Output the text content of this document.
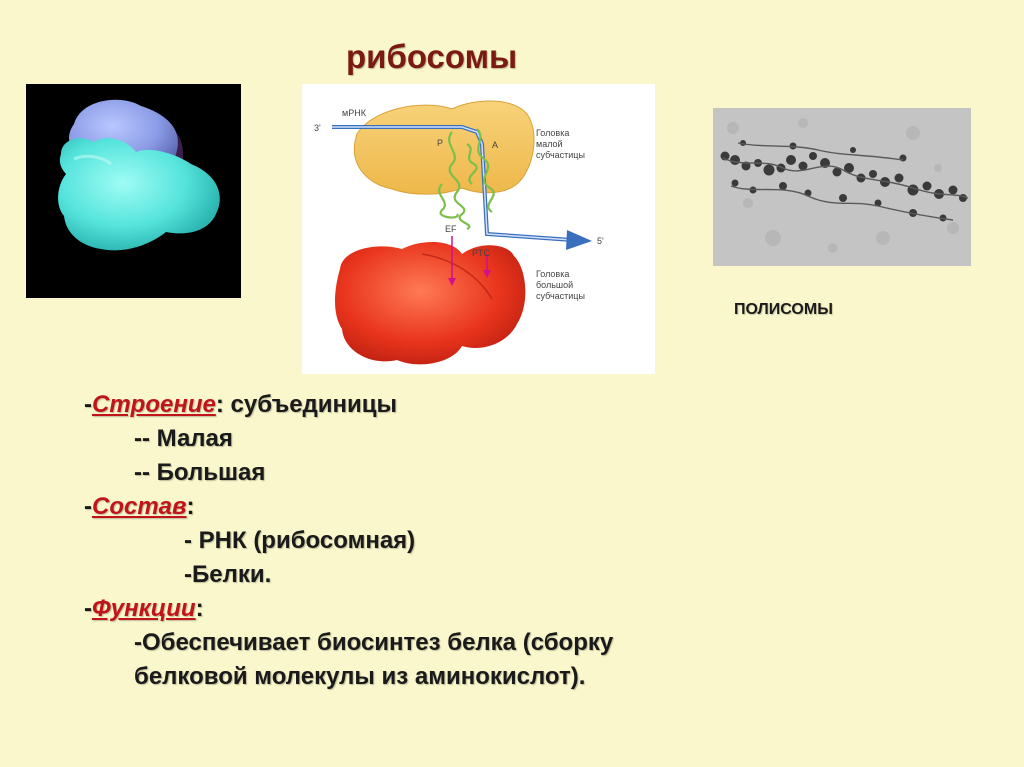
рибосомы
мРНК
3'
5'
P	A
EF
PTC
Головка
малой
субчастицы
Головка
большой
субчастицы
ПОЛИСОМЫ
-Строение: субъединицы
-- Малая
-- Большая
-Состав:
- РНК (рибосомная)
-Белки.
-Функции:
-Обеспечивает биосинтез белка (сборку
белковой молекулы из аминокислот).
